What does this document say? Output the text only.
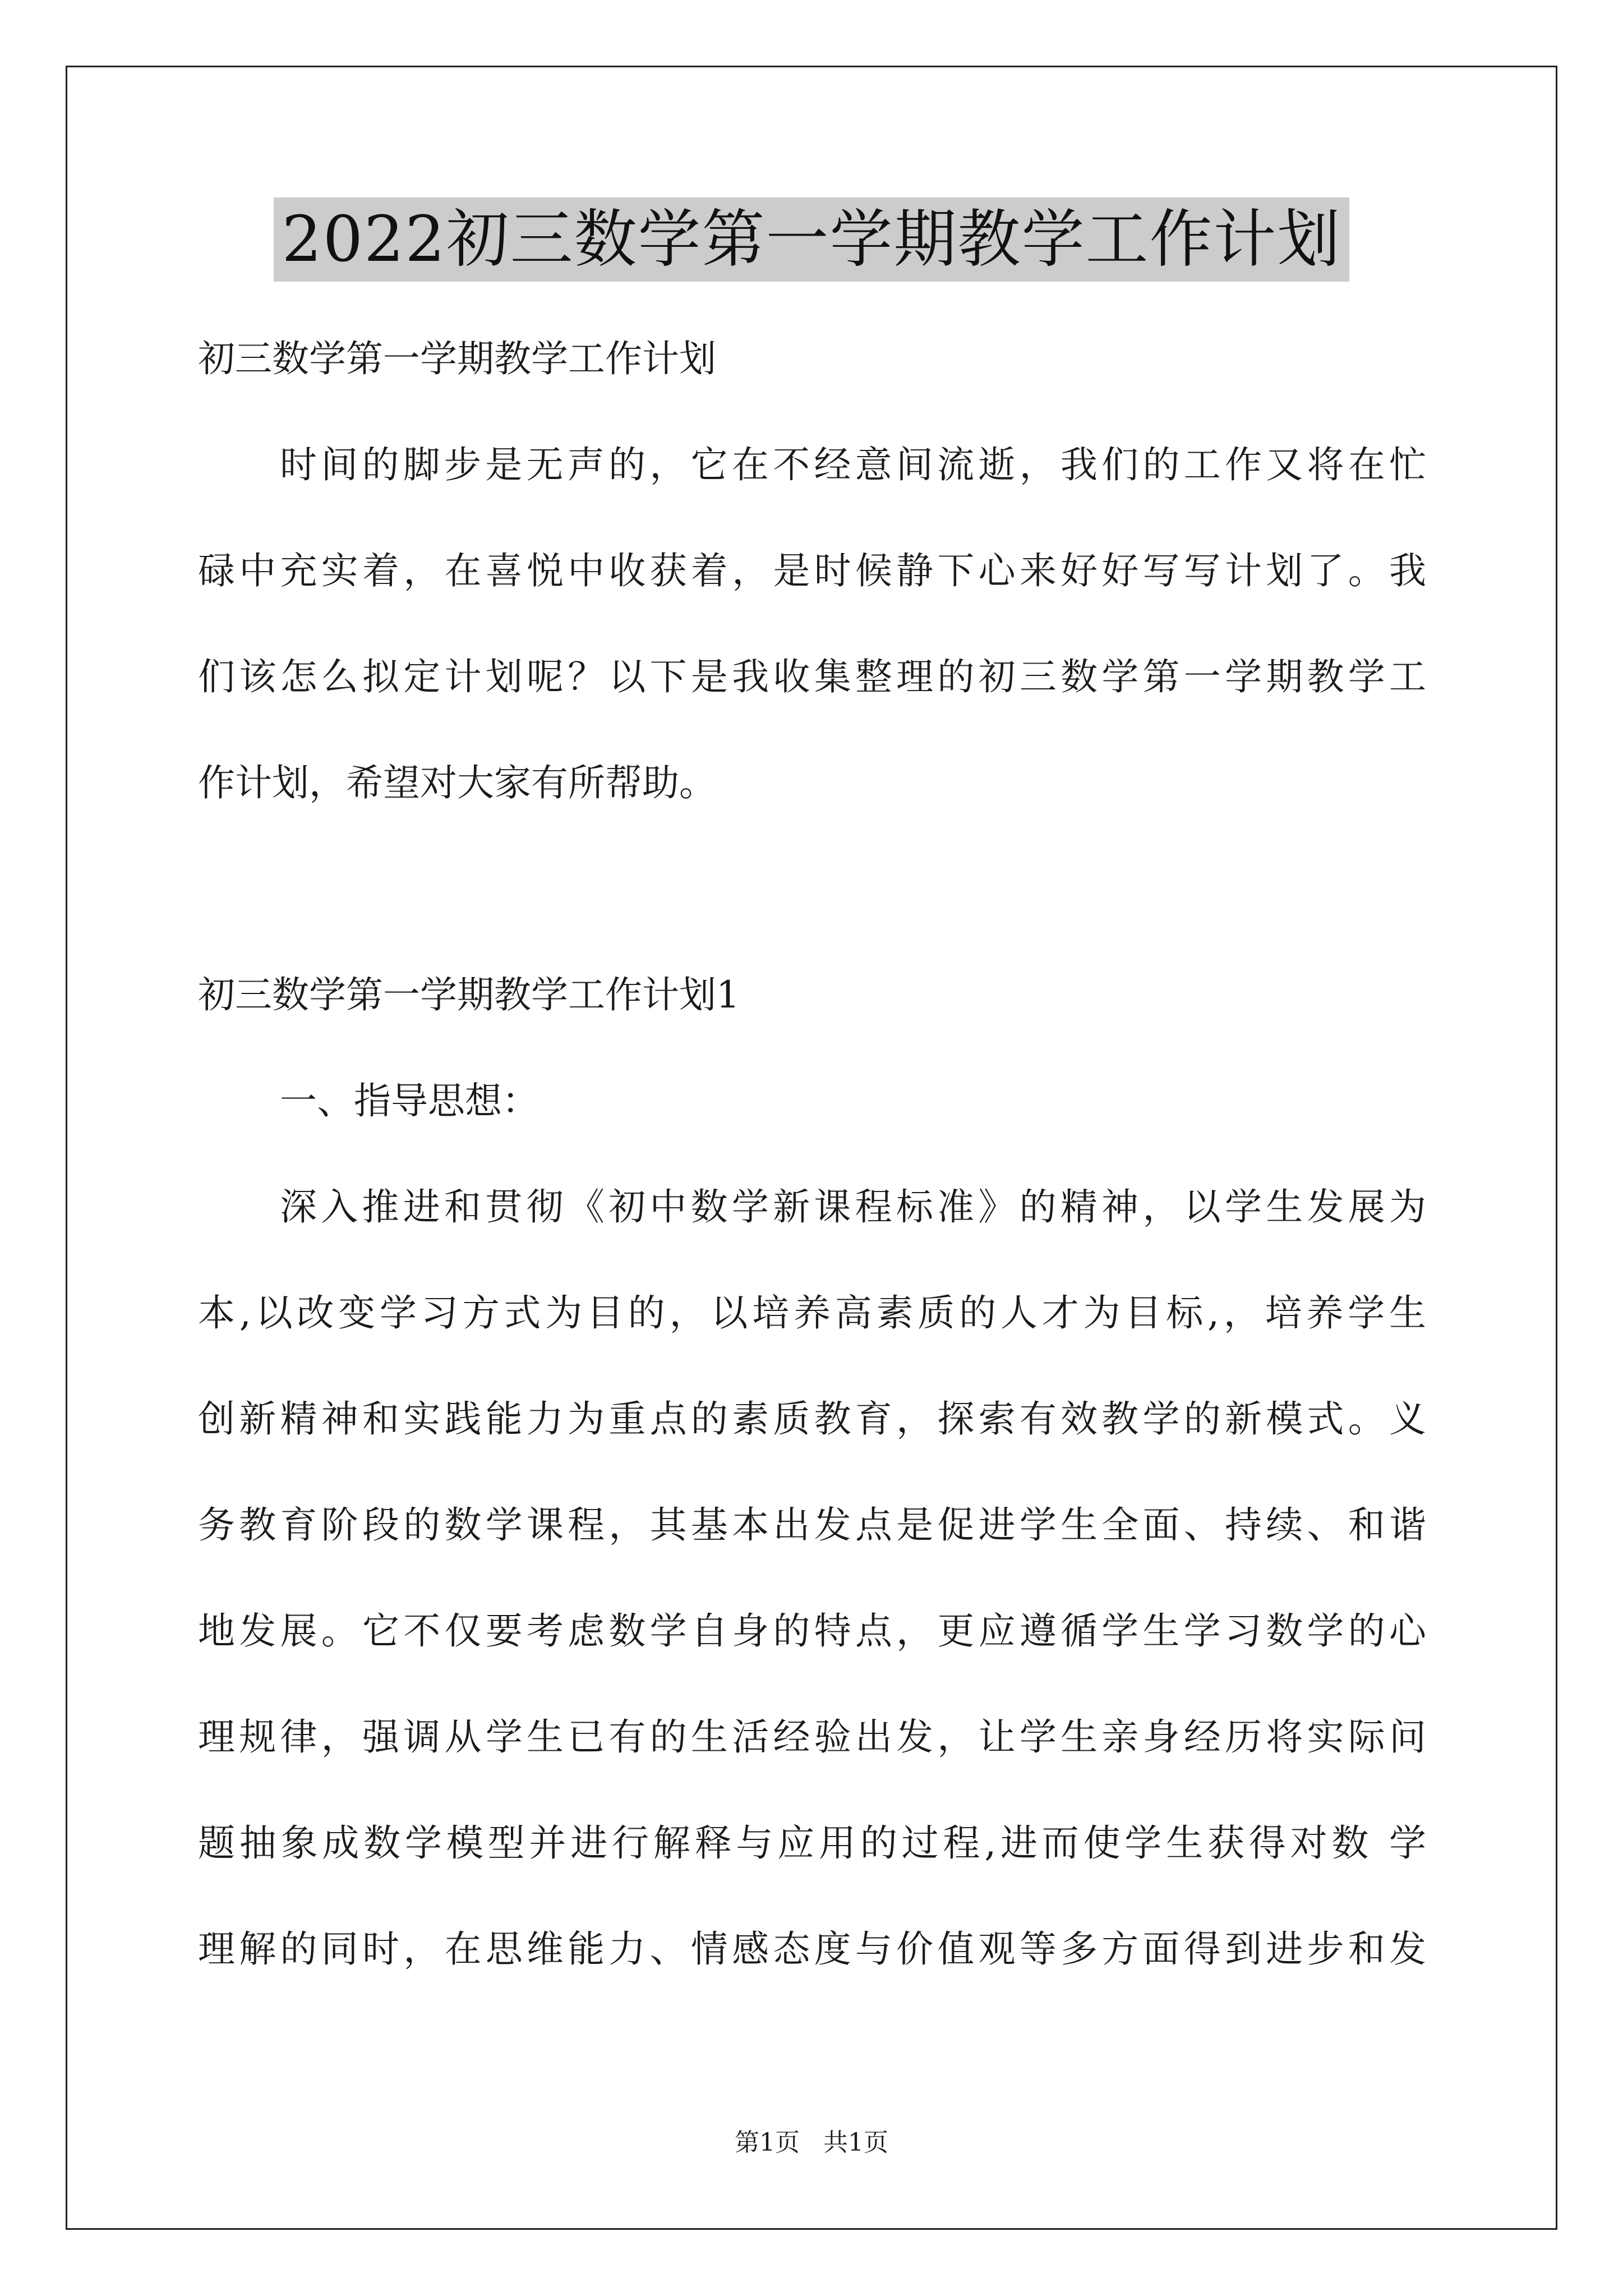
2022初三数学第一学期教学工作计划
初三数学第一学期教学工作计划
时间的脚步是无声的，它在不经意间流逝，我们的工作又将在忙
碌中充实着，在喜悦中收获着，是时候静下心来好好写写计划了。我
们该怎么拟定计划呢？以下是我收集整理的初三数学第一学期教学工
作计划，希望对大家有所帮助。
初三数学第一学期教学工作计划1
一、指导思想：
深入推进和贯彻《初中数学新课程标准》的精神，以学生发展为
本,以改变学习方式为目的，以培养高素质的人才为目标,，培养学生
创新精神和实践能力为重点的素质教育，探索有效教学的新模式。义
务教育阶段的数学课程，其基本出发点是促进学生全面、持续、和谐
地发展。它不仅要考虑数学自身的特点，更应遵循学生学习数学的心
理规律，强调从学生已有的生活经验出发，让学生亲身经历将实际问
题抽象成数学模型并进行解释与应用的过程,进而使学生获得对数 学
理解的同时，在思维能力、情感态度与价值观等多方面得到进步和发
第1页   共1页
